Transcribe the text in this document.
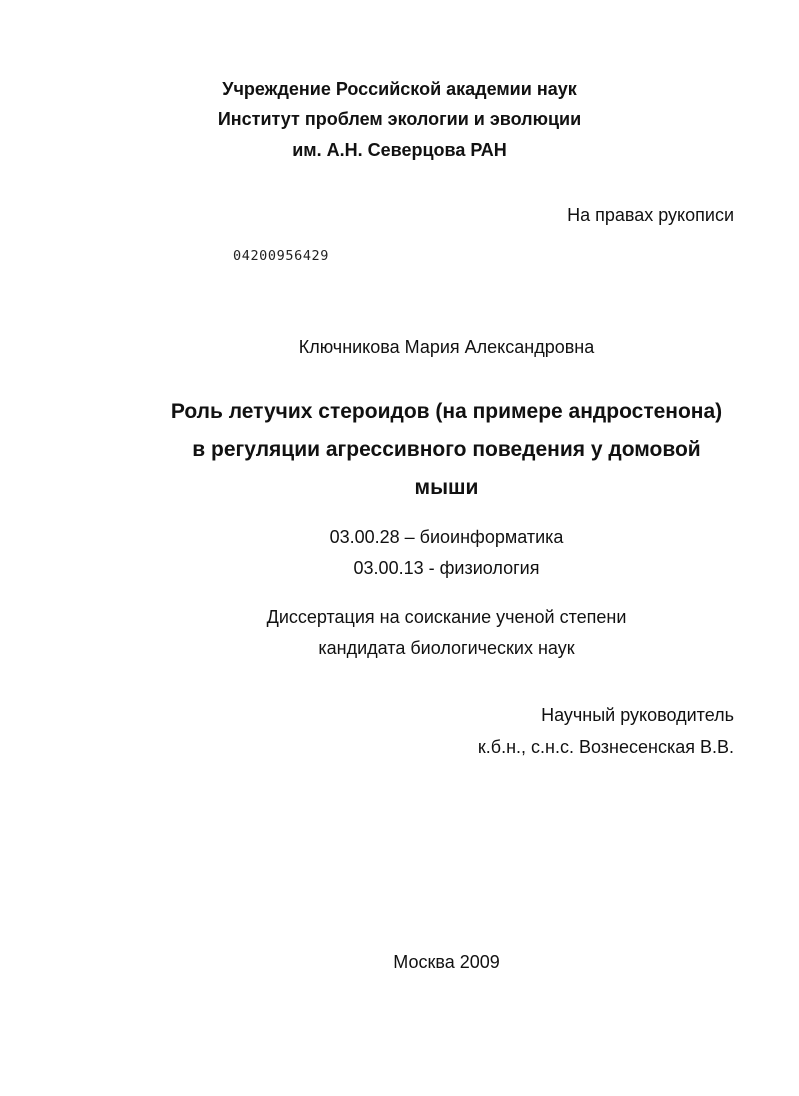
Учреждение Российской академии наук
Институт проблем экологии и эволюции
им. А.Н. Северцова РАН
На правах рукописи
04200956429
Ключникова Мария Александровна
Роль летучих стероидов (на примере андростенона)
в регуляции агрессивного поведения у домовой
мыши
03.00.28 – биоинформатика
03.00.13 - физиология
Диссертация на соискание ученой степени
кандидата биологических наук
Научный руководитель
к.б.н., с.н.с. Вознесенская В.В.
Москва 2009
